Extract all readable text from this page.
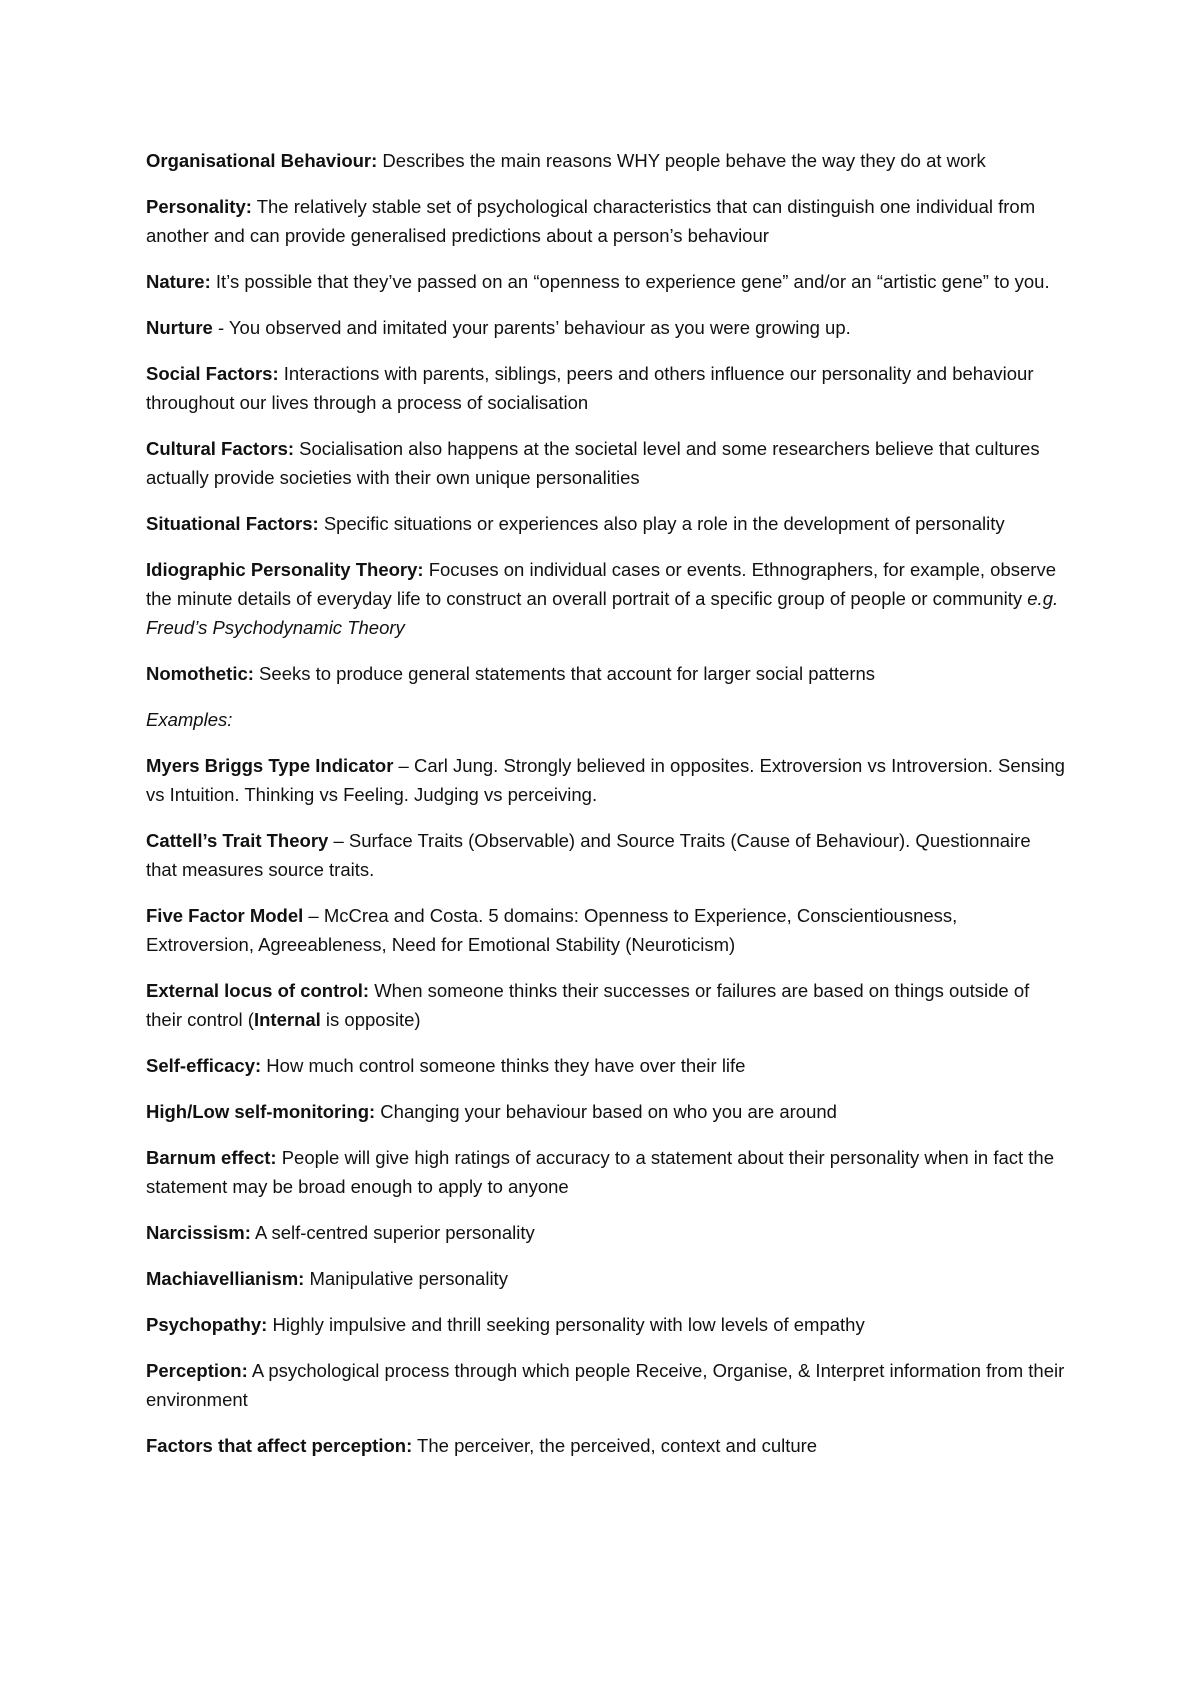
Organisational Behaviour: Describes the main reasons WHY people behave the way they do at work

Personality: The relatively stable set of psychological characteristics that can distinguish one individual from another and can provide generalised predictions about a person’s behaviour

Nature: It’s possible that they’ve passed on an “openness to experience gene” and/or an “artistic gene” to you.

Nurture - You observed and imitated your parents’ behaviour as you were growing up.

Social Factors: Interactions with parents, siblings, peers and others influence our personality and behaviour throughout our lives through a process of socialisation

Cultural Factors: Socialisation also happens at the societal level and some researchers believe that cultures actually provide societies with their own unique personalities

Situational Factors: Specific situations or experiences also play a role in the development of personality

Idiographic Personality Theory: Focuses on individual cases or events. Ethnographers, for example, observe the minute details of everyday life to construct an overall portrait of a specific group of people or community e.g. Freud’s Psychodynamic Theory

Nomothetic: Seeks to produce general statements that account for larger social patterns

Examples:

Myers Briggs Type Indicator – Carl Jung. Strongly believed in opposites. Extroversion vs Introversion. Sensing vs Intuition. Thinking vs Feeling. Judging vs perceiving.

Cattell’s Trait Theory – Surface Traits (Observable) and Source Traits (Cause of Behaviour). Questionnaire that measures source traits.

Five Factor Model – McCrea and Costa. 5 domains: Openness to Experience, Conscientiousness, Extroversion, Agreeableness, Need for Emotional Stability (Neuroticism)

External locus of control: When someone thinks their successes or failures are based on things outside of their control (Internal is opposite)

Self-efficacy: How much control someone thinks they have over their life

High/Low self-monitoring: Changing your behaviour based on who you are around

Barnum effect: People will give high ratings of accuracy to a statement about their personality when in fact the statement may be broad enough to apply to anyone

Narcissism: A self-centred superior personality

Machiavellianism: Manipulative personality

Psychopathy: Highly impulsive and thrill seeking personality with low levels of empathy

Perception: A psychological process through which people Receive, Organise, & Interpret information from their environment

Factors that affect perception: The perceiver, the perceived, context and culture
